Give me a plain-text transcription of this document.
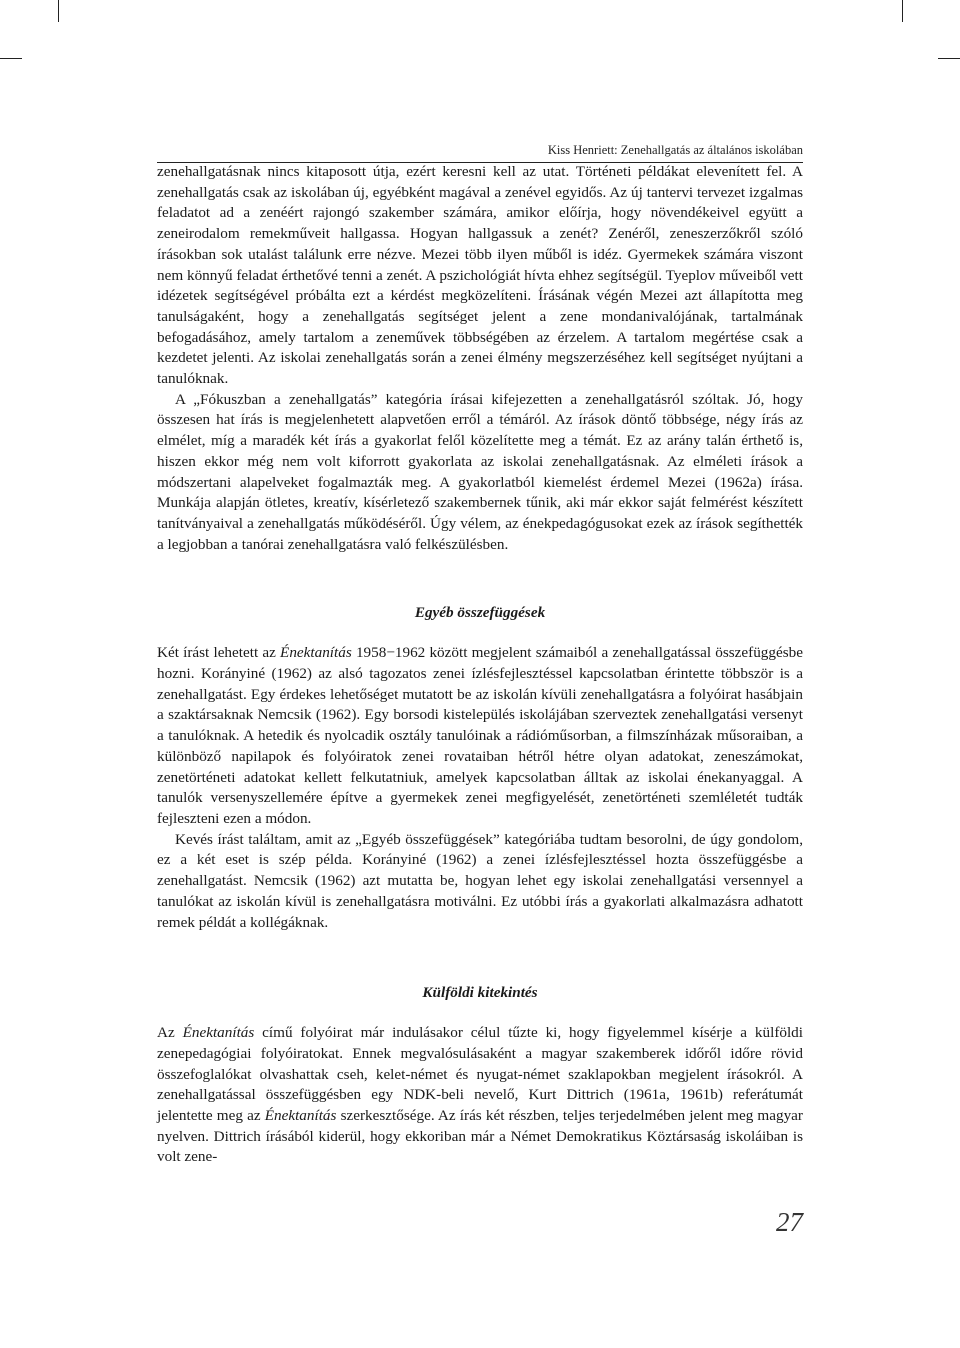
Kiss Henriett: Zenehallgatás az általános iskolában

zenehallgatásnak nincs kitaposott útja, ezért keresni kell az utat. Történeti példákat elevenített fel. A zenehallgatás csak az iskolában új, egyébként magával a zenével egyidős. Az új tantervi tervezet izgalmas feladatot ad a zenéért rajongó szakember számára, amikor előírja, hogy növendékeivel együtt a zeneirodalom remekműveit hallgassa. Hogyan hallgassuk a zenét? Zenéről, zeneszerzőkről szóló írásokban sok utalást találunk erre nézve. Mezei több ilyen műből is idéz. Gyermekek számára viszont nem könnyű feladat érthetővé tenni a zenét. A pszichológiát hívta ehhez segítségül. Tyeplov műveiből vett idézetek segítségével próbálta ezt a kérdést megközelíteni. Írásának végén Mezei azt állapította meg tanulságaként, hogy a zenehallgatás segítséget jelent a zene mondanivalójának, tartalmának befogadásához, amely tartalom a zeneművek többségében az érzelem. A tartalom megértése csak a kezdetet jelenti. Az iskolai zenehallgatás során a zenei élmény megszerzéséhez kell segítséget nyújtani a tanulóknak.

A „Fókuszban a zenehallgatás” kategória írásai kifejezetten a zenehallgatásról szóltak. Jó, hogy összesen hat írás is megjelenhetett alapvetően erről a témáról. Az írások döntő többsége, négy írás az elmélet, míg a maradék két írás a gyakorlat felől közelítette meg a témát. Ez az arány talán érthető is, hiszen ekkor még nem volt kiforrott gyakorlata az iskolai zenehallgatásnak. Az elméleti írások a módszertani alapelveket fogalmazták meg. A gyakorlatból kiemelést érdemel Mezei (1962a) írása. Munkája alapján ötletes, kreatív, kísérletező szakembernek tűnik, aki már ekkor saját felmérést készített tanítványaival a zenehallgatás működéséről. Úgy vélem, az énekpedagógusokat ezek az írások segíthették a legjobban a tanórai zenehallgatásra való felkészülésben.

Egyéb összefüggések

Két írást lehetett az Énektanítás 1958−1962 között megjelent számaiból a zenehallgatással összefüggésbe hozni. Korányiné (1962) az alsó tagozatos zenei ízlésfejlesztéssel kapcsolatban érintette többször is a zenehallgatást. Egy érdekes lehetőséget mutatott be az iskolán kívüli zenehallgatásra a folyóirat hasábjain a szaktársaknak Nemcsik (1962). Egy borsodi kistelepülés iskolájában szerveztek zenehallgatási versenyt a tanulóknak. A hetedik és nyolcadik osztály tanulóinak a rádióműsorban, a filmszínházak műsoraiban, a különböző napilapok és folyóiratok zenei rovataiban hétről hétre olyan adatokat, zeneszámokat, zenetörténeti adatokat kellett felkutatniuk, amelyek kapcsolatban álltak az iskolai énekanyaggal. A tanulók versenyszellemére építve a gyermekek zenei megfigyelését, zenetörténeti szemléletét tudták fejleszteni ezen a módon.

Kevés írást találtam, amit az „Egyéb összefüggések” kategóriába tudtam besorolni, de úgy gondolom, ez a két eset is szép példa. Korányiné (1962) a zenei ízlésfejlesztéssel hozta összefüggésbe a zenehallgatást. Nemcsik (1962) azt mutatta be, hogyan lehet egy iskolai zenehallgatási versennyel a tanulókat az iskolán kívül is zenehallgatásra motiválni. Ez utóbbi írás a gyakorlati alkalmazásra adhatott remek példát a kollégáknak.

Külföldi kitekintés

Az Énektanítás című folyóirat már indulásakor célul tűzte ki, hogy figyelemmel kísérje a külföldi zenepedagógiai folyóiratokat. Ennek megvalósulásaként a magyar szakemberek időről időre rövid összefoglalókat olvashattak cseh, kelet-német és nyugat-német szaklapokban megjelent írásokról. A zenehallgatással összefüggésben egy NDK-beli nevelő, Kurt Dittrich (1961a, 1961b) referátumát jelentette meg az Énektanítás szerkesztősége. Az írás két részben, teljes terjedelmében jelent meg magyar nyelven. Dittrich írásából kiderül, hogy ekkoriban már a Német Demokratikus Köztársaság iskoláiban is volt zene-

27
